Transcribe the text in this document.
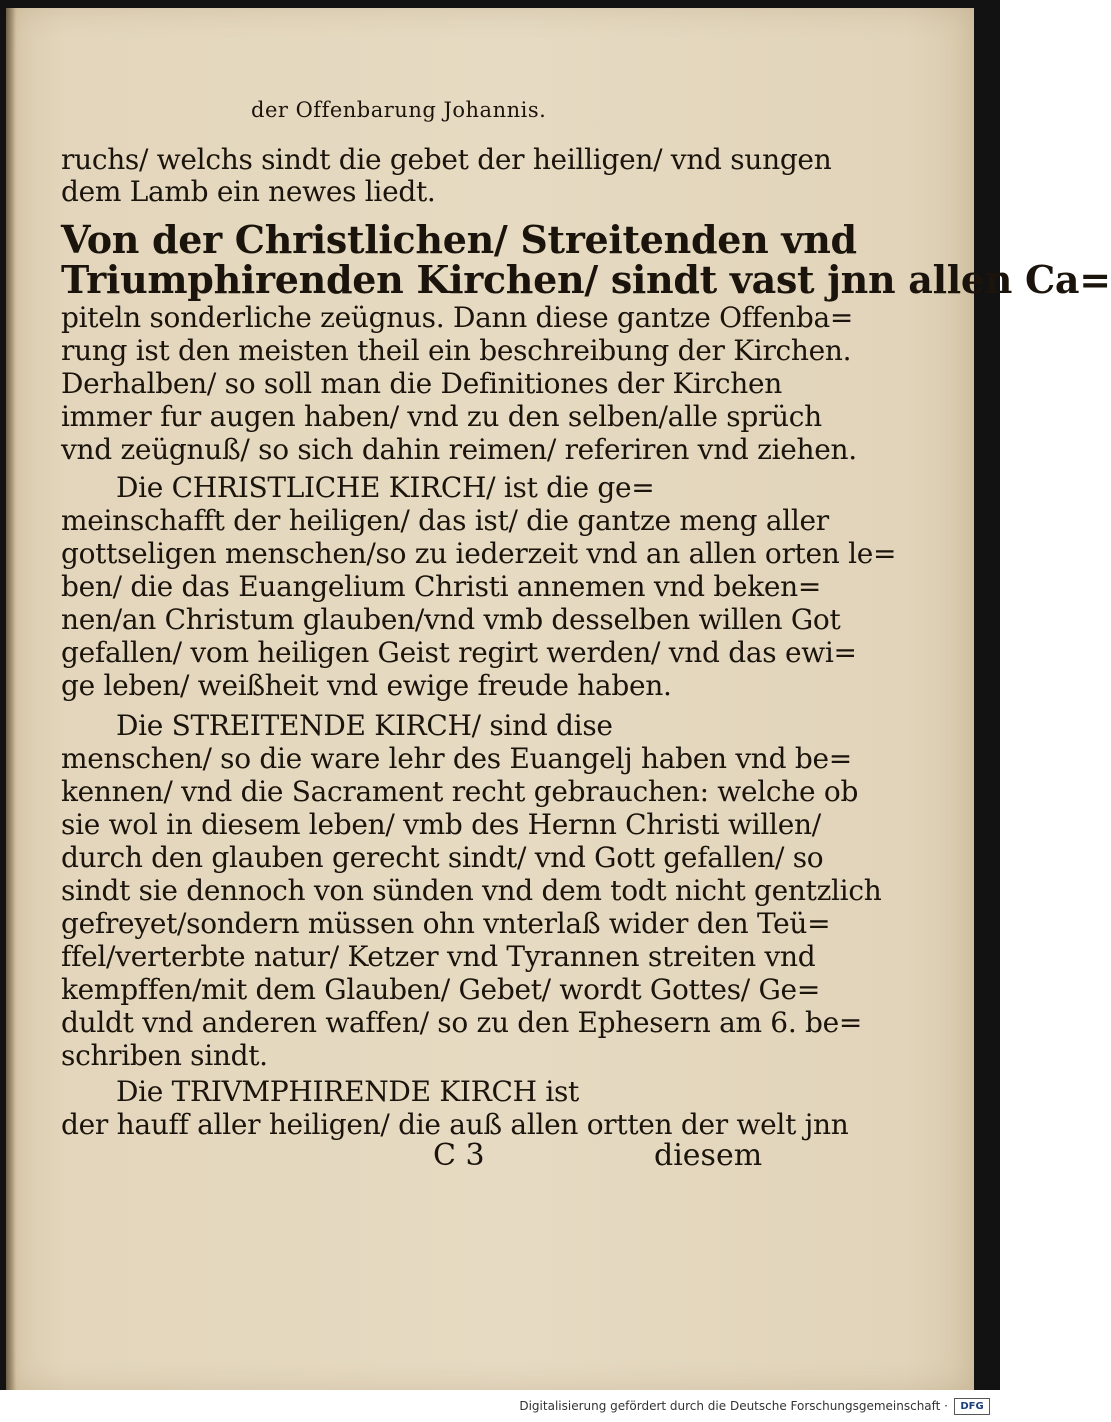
der Offenbarung Johannis.
ruchs/ welchs sindt die gebet der heilligen/ vnd sungen
dem Lamb ein newes liedt.
Von der Christlichen/ Streitenden vnd
Triumphirenden Kirchen/ sindt vast jnn allen Ca=
piteln sonderliche zeügnus. Dann diese gantze Offenba=
rung ist den meisten theil ein beschreibung der Kirchen.
Derhalben/ so soll man die Definitiones der Kirchen
immer fur augen haben/ vnd zu den selben/alle sprüch
vnd zeügnuß/ so sich dahin reimen/ referiren vnd ziehen.
Die CHRISTLICHE KIRCH/ ist die ge=
meinschafft der heiligen/ das ist/ die gantze meng aller
gottseligen menschen/so zu iederzeit vnd an allen orten le=
ben/ die das Euangelium Christi annemen vnd beken=
nen/an Christum glauben/vnd vmb desselben willen Got
gefallen/ vom heiligen Geist regirt werden/ vnd das ewi=
ge leben/ weißheit vnd ewige freude haben.
Die STREITENDE KIRCH/ sind dise
menschen/ so die ware lehr des Euangelj haben vnd be=
kennen/ vnd die Sacrament recht gebrauchen: welche ob
sie wol in diesem leben/ vmb des Hernn Christi willen/
durch den glauben gerecht sindt/ vnd Gott gefallen/ so
sindt sie dennoch von sünden vnd dem todt nicht gentzlich
gefreyet/sondern müssen ohn vnterlaß wider den Teü=
ffel/verterbte natur/ Ketzer vnd Tyrannen streiten vnd
kempffen/mit dem Glauben/ Gebet/ wordt Gottes/ Ge=
duldt vnd anderen waffen/ so zu den Ephesern am 6. be=
schriben sindt.
Die TRIVMPHIRENDE KIRCH ist
der hauff aller heiligen/ die auß allen ortten der welt jnn
C 3	diesem
Digitalisierung gefördert durch die Deutsche Forschungsgemeinschaft ·	DFG
